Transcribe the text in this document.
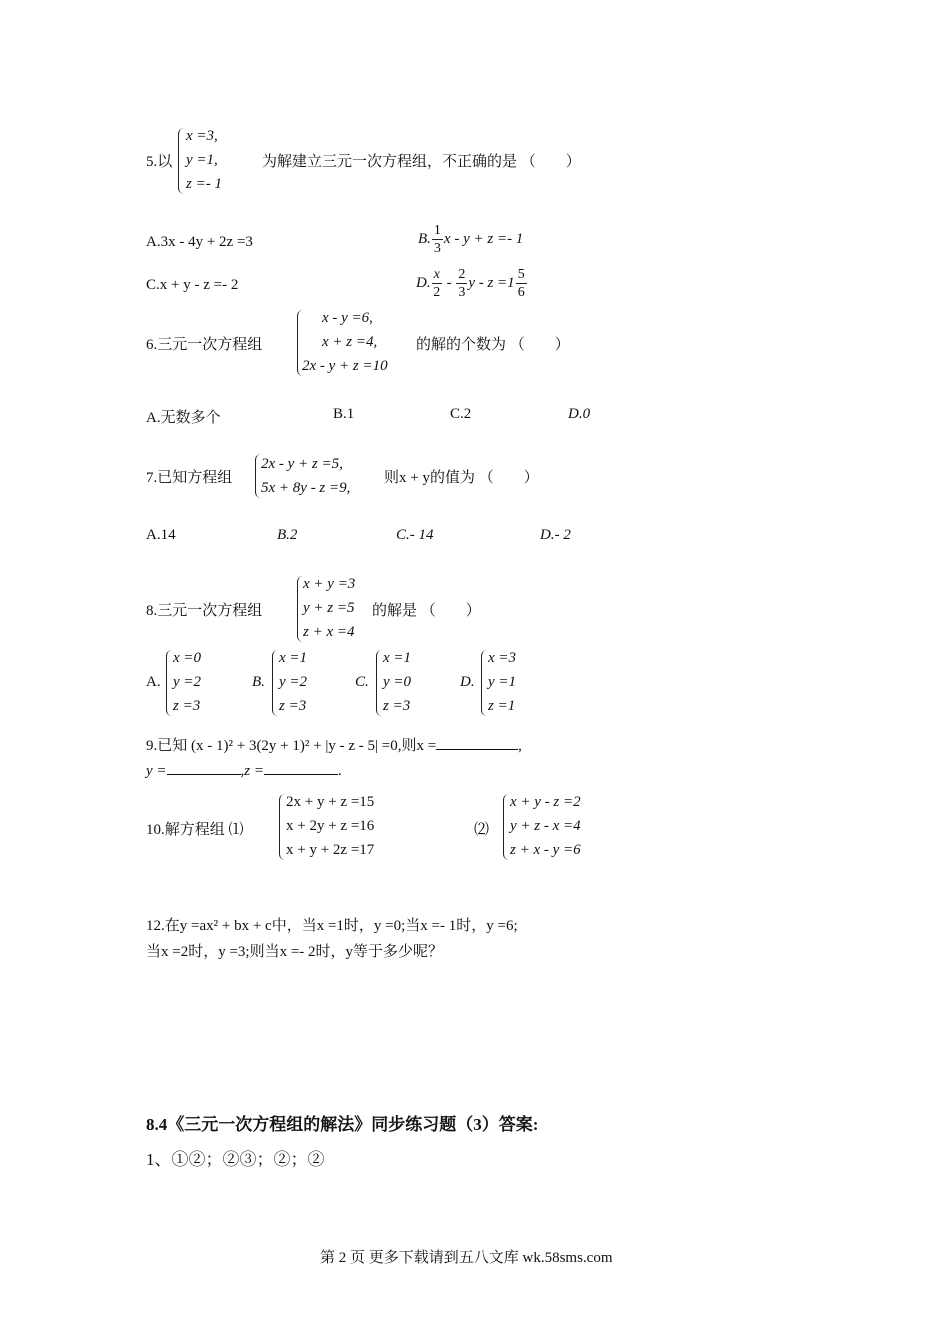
5.以
x =3,
y =1,
z =- 1
为解建立三元一次方程组，不正确的是 （　　）
A.3x - 4y + 2z =3	B. $\frac{1}{3}$ x - y + z =- 1
C.x + y - z =- 2	D. $\frac{x}{2} - \frac{2}{3}$ $y - z =1 \frac{5}{6}$
6.三元一次方程组
x - y =6,
x + z =4,
2x - y + z =10
的解的个数为 （　　）
A.无数多个	B.1	C.2	D.0
7.已知方程组
2x - y + z =5,
5x + 8y - z =9,
则x + y的值为 （　　）
A.14	B.2	C.- 14	D.- 2
8.三元一次方程组
x + y =3
y + z =5
z + x =4
的解是 （　　）
A.
x =0
y =2
z =3
B.
x =1
y =2
z =3
C.
x =1
y =0
z =3
D.
x =3
y =1
z =1
9.已知 (x - 1)² + 3(2y + 1)² + |y - z - 5| =0,则x =	,
y =	,z =	.
10.解方程组 ⑴
2x + y + z =15
x + 2y + z =16
x + y + 2z =17
⑵
x + y - z =2
y + z - x =4
z + x - y =6
12.在y =ax² + bx + c中，当x =1时，y =0;当x =- 1时，y =6;
当x =2时，y =3;则当x =- 2时，y等于多少呢？
8.4《三元一次方程组的解法》同步练习题（3）答案:
1、①②；②③；②；②
第 2 页 更多下载请到五八文库 wk.58sms.com
